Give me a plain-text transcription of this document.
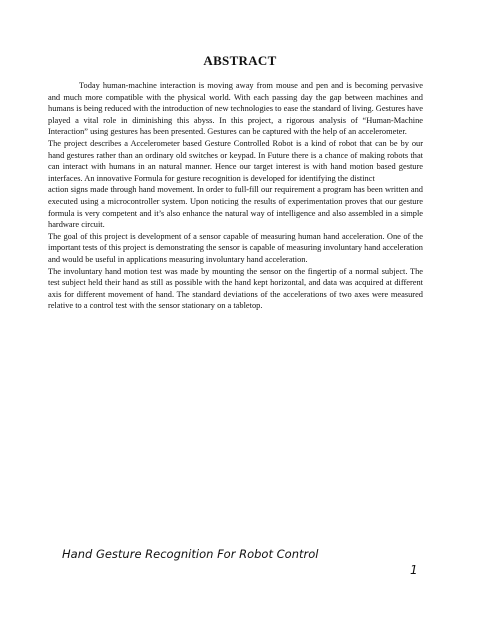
ABSTRACT

Today human-machine interaction is moving away from mouse and pen and is becoming pervasive and much more compatible with the physical world. With each passing day the gap between machines and humans is being reduced with the introduction of new technologies to ease the standard of living. Gestures have played a vital role in diminishing this abyss. In this project, a rigorous analysis of “Human-Machine Interaction” using gestures has been presented. Gestures can be captured with the help of an accelerometer.

The project describes a Accelerometer based Gesture Controlled Robot is a kind of robot that can be by our hand gestures rather than an ordinary old switches or keypad. In Future there is a chance of making robots that can interact with humans in an natural manner. Hence our target interest is with hand motion based gesture interfaces. An innovative Formula for gesture recognition is developed for identifying the distinct

action signs made through hand movement. In order to full-fill our requirement a program has been written and executed using a microcontroller system. Upon noticing the results of experimentation proves that our gesture formula is very competent and it’s also enhance the natural way of intelligence and also assembled in a simple hardware circuit.

The goal of this project is development of a sensor capable of measuring human hand acceleration. One of the important tests of this project is demonstrating the sensor is capable of measuring involuntary hand acceleration and would be useful in applications measuring involuntary hand acceleration.

The involuntary hand motion test was made by mounting the sensor on the fingertip of a normal subject. The test subject held their hand as still as possible with the hand kept horizontal, and data was acquired at different axis for different movement of hand. The standard deviations of the accelerations of two axes were measured relative to a control test with the sensor stationary on a tabletop.

Hand Gesture Recognition For Robot Control
1
